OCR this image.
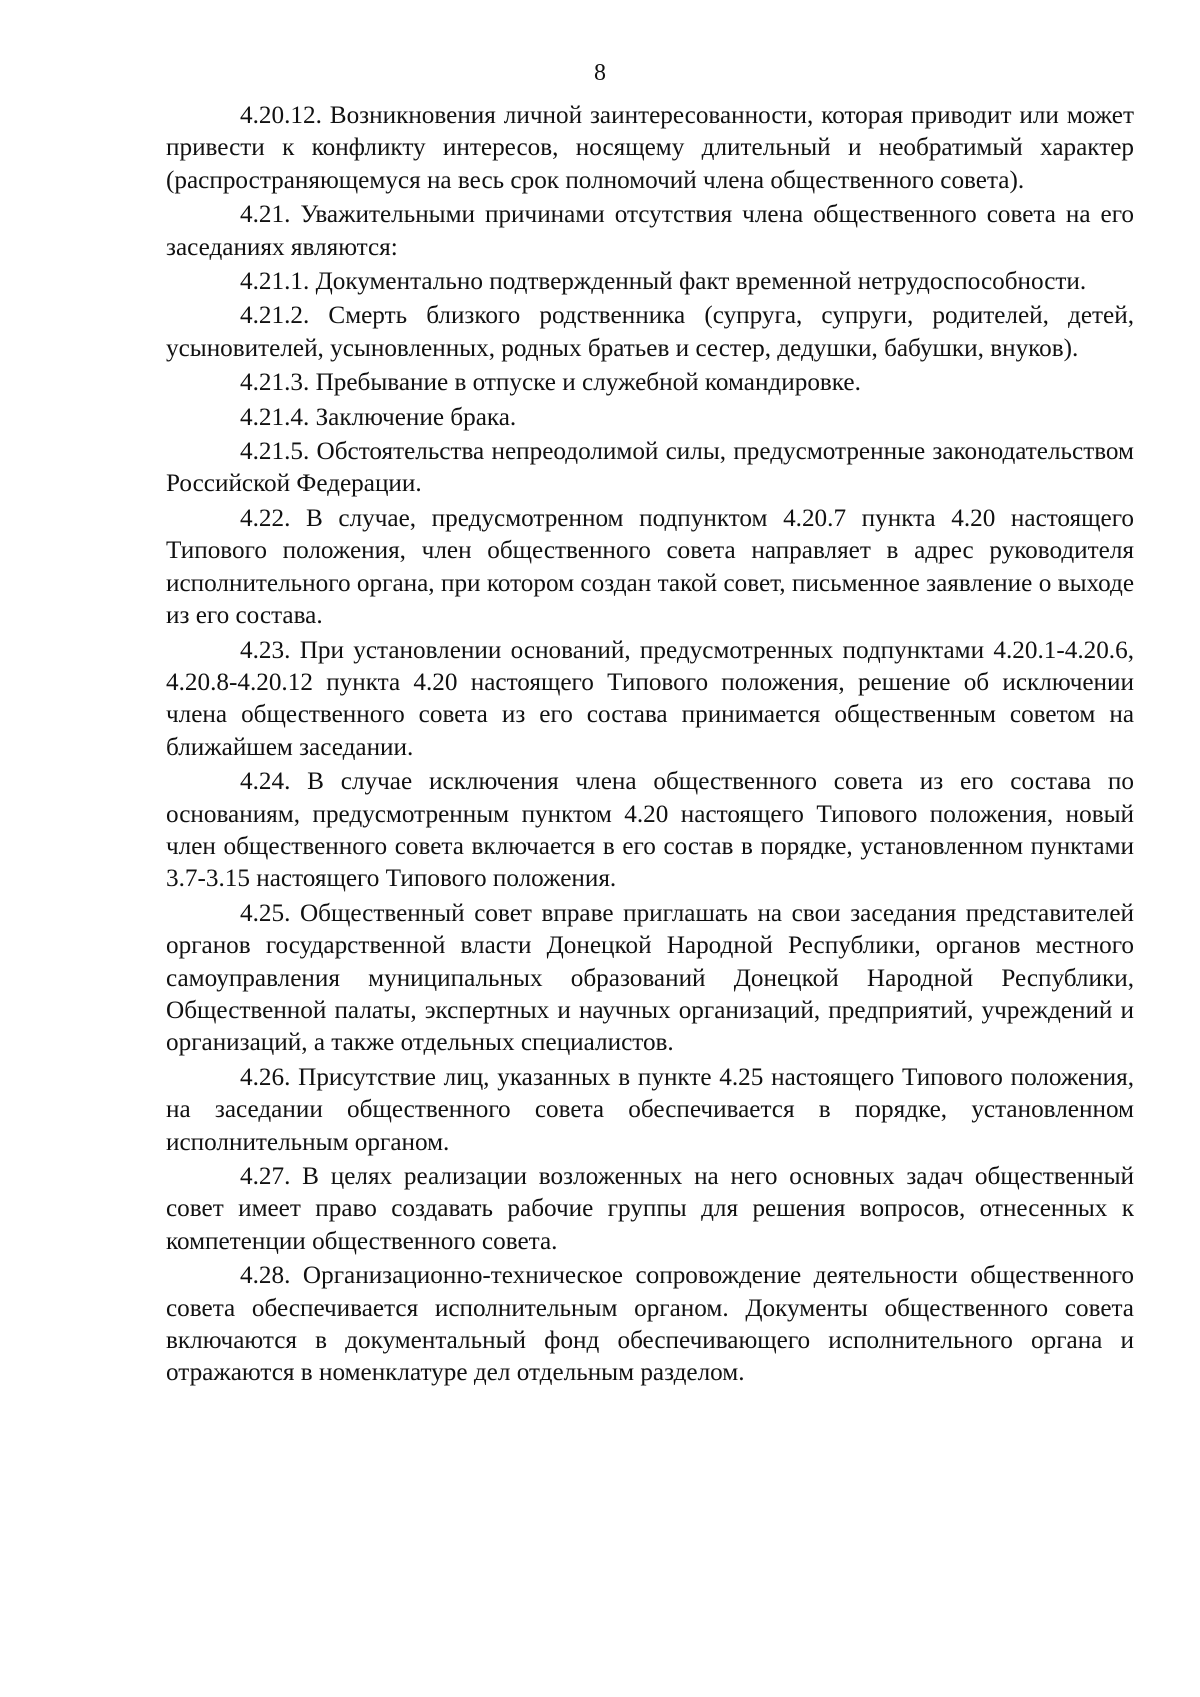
8

4.20.12. Возникновения личной заинтересованности, которая приводит или может привести к конфликту интересов, носящему длительный и необратимый характер (распространяющемуся на весь срок полномочий члена общественного совета).

4.21. Уважительными причинами отсутствия члена общественного совета на его заседаниях являются:

4.21.1. Документально подтвержденный факт временной нетрудоспособности.

4.21.2. Смерть близкого родственника (супруга, супруги, родителей, детей, усыновителей, усыновленных, родных братьев и сестер, дедушки, бабушки, внуков).

4.21.3. Пребывание в отпуске и служебной командировке.

4.21.4. Заключение брака.

4.21.5. Обстоятельства непреодолимой силы, предусмотренные законодательством Российской Федерации.

4.22. В случае, предусмотренном подпунктом 4.20.7 пункта 4.20 настоящего Типового положения, член общественного совета направляет в адрес руководителя исполнительного органа, при котором создан такой совет, письменное заявление о выходе из его состава.

4.23. При установлении оснований, предусмотренных подпунктами 4.20.1-4.20.6, 4.20.8-4.20.12 пункта 4.20 настоящего Типового положения, решение об исключении члена общественного совета из его состава принимается общественным советом на ближайшем заседании.

4.24. В случае исключения члена общественного совета из его состава по основаниям, предусмотренным пунктом 4.20 настоящего Типового положения, новый член общественного совета включается в его состав в порядке, установленном пунктами 3.7-3.15 настоящего Типового положения.

4.25. Общественный совет вправе приглашать на свои заседания представителей органов государственной власти Донецкой Народной Республики, органов местного самоуправления муниципальных образований Донецкой Народной Республики, Общественной палаты, экспертных и научных организаций, предприятий, учреждений и организаций, а также отдельных специалистов.

4.26. Присутствие лиц, указанных в пункте 4.25 настоящего Типового положения, на заседании общественного совета обеспечивается в порядке, установленном исполнительным органом.

4.27. В целях реализации возложенных на него основных задач общественный совет имеет право создавать рабочие группы для решения вопросов, отнесенных к компетенции общественного совета.

4.28. Организационно-техническое сопровождение деятельности общественного совета обеспечивается исполнительным органом. Документы общественного совета включаются в документальный фонд обеспечивающего исполнительного органа и отражаются в номенклатуре дел отдельным разделом.
